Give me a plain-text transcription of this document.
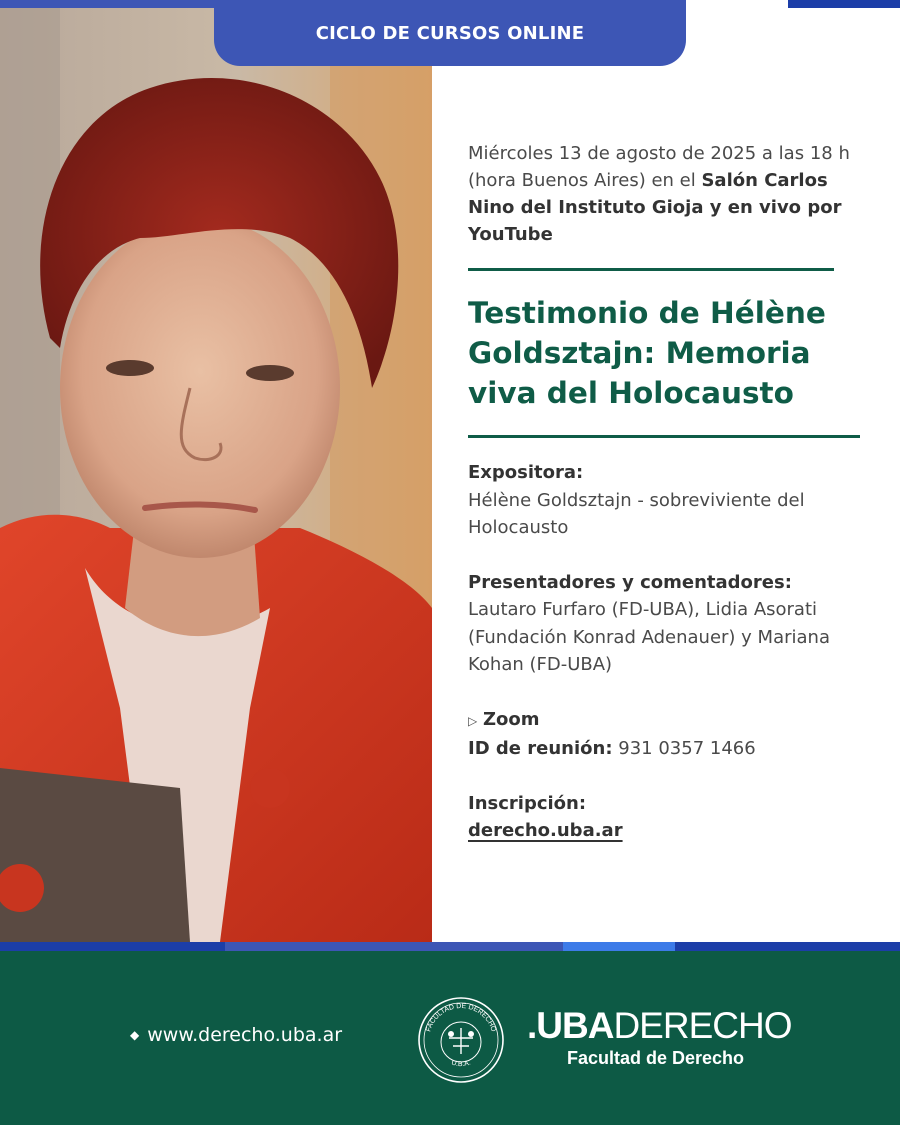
CICLO DE CURSOS ONLINE

Miércoles 13 de agosto de 2025 a las 18 h (hora Buenos Aires) en el Salón Carlos Nino del Instituto Gioja y en vivo por YouTube

Testimonio de Hélène Goldsztajn: Memoria viva del Holocausto
Expositora:
Hélène Goldsztajn - sobreviviente del Holocausto
Presentadores y comentadores:
Lautaro Furfaro (FD-UBA), Lidia Asorati (Fundación Konrad Adenauer) y Mariana Kohan (FD-UBA)
▷ Zoom
ID de reunión: 931 0357 1466
Inscripción:
derecho.uba.ar
◆ www.derecho.uba.ar	FACULTAD DE DERECHO
U.B.A.
.UBADERECHO
Facultad de Derecho
